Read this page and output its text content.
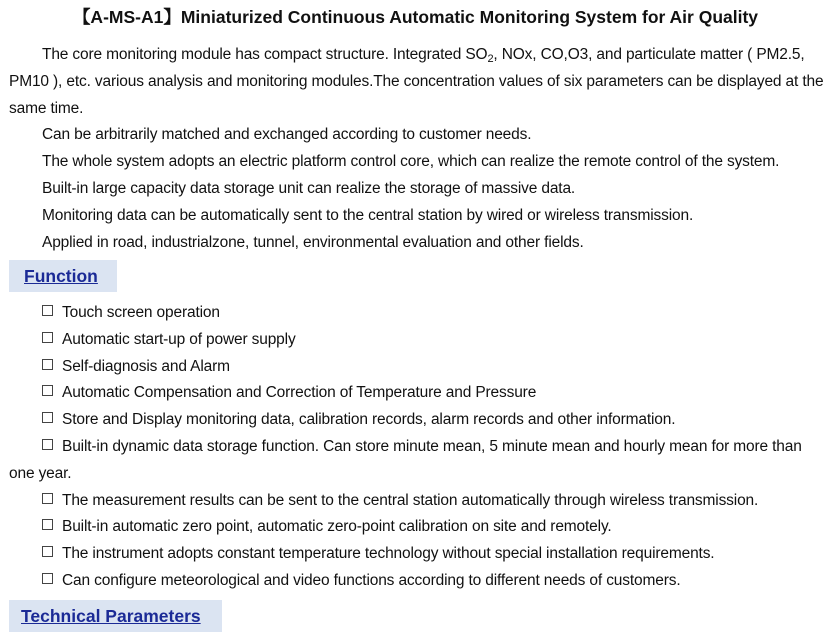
【A-MS-A1】Miniaturized Continuous Automatic Monitoring System for Air Quality

The core monitoring module has compact structure. Integrated $SO_2$, NOx, CO,O3, and particulate matter ( PM2.5, PM10 ), etc. various analysis and monitoring modules.The concentration values of six parameters can be displayed at the same time.

Can be arbitrarily matched and exchanged according to customer needs.

The whole system adopts an electric platform control core, which can realize the remote control of the system.

Built-in large capacity data storage unit can realize the storage of massive data.

Monitoring data can be automatically sent to the central station by wired or wireless transmission.

Applied in road, industrialzone, tunnel, environmental evaluation and other fields.

Function
Touch screen operation
Automatic start-up of power supply
Self-diagnosis and Alarm
Automatic Compensation and Correction of Temperature and Pressure
Store and Display monitoring data, calibration records, alarm records and other information.
Built-in dynamic data storage function. Can store minute mean, 5 minute mean and hourly mean for more than one year.
The measurement results can be sent to the central station automatically through wireless transmission.
Built-in automatic zero point, automatic zero-point calibration on site and remotely.
The instrument adopts constant temperature technology without special installation requirements.
Can configure meteorological and video functions according to different needs of customers.
Technical Parameters
